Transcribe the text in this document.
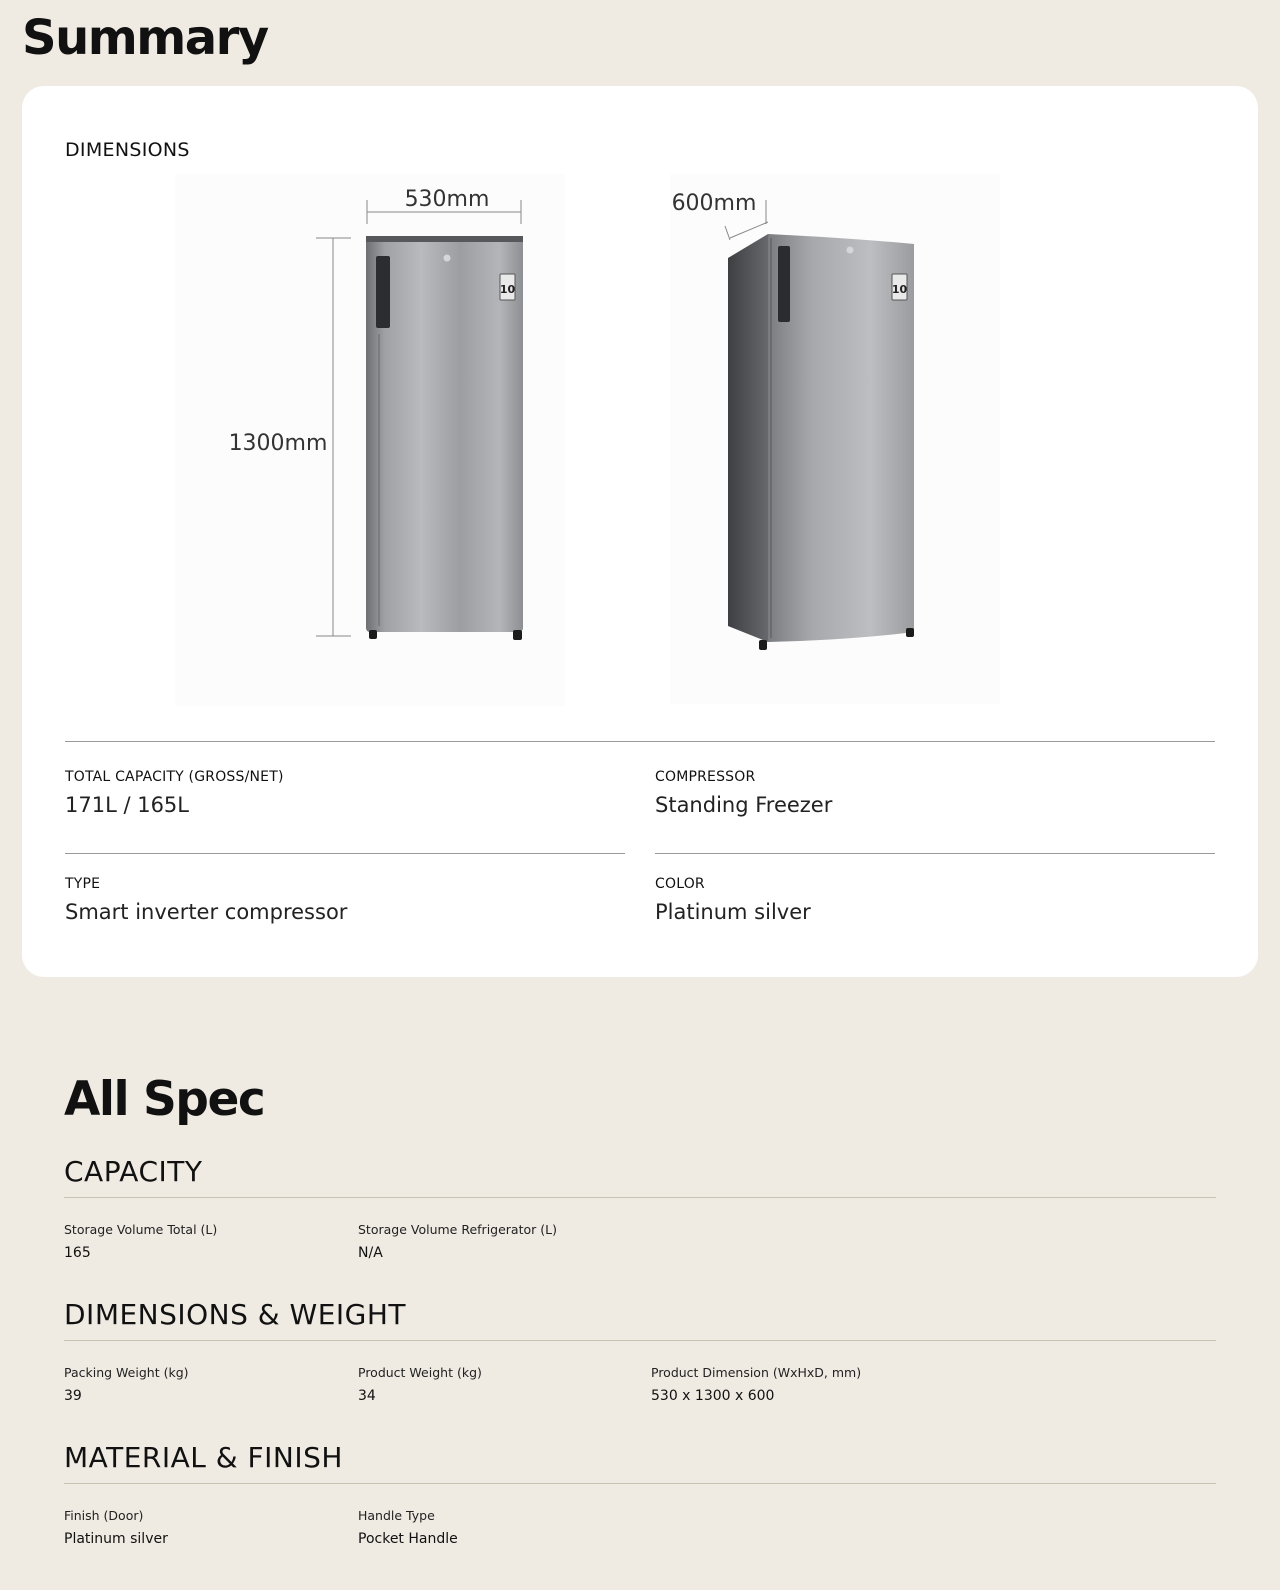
Summary
DIMENSIONS
530mm
1300mm
10
600mm
10
TOTAL CAPACITY (GROSS/NET)
171L / 165L
COMPRESSOR
Standing Freezer
TYPE
Smart inverter compressor
COLOR
Platinum silver
All Spec
CAPACITY
Storage Volume Total (L)
165
Storage Volume Refrigerator (L)
N/A
DIMENSIONS & WEIGHT
Packing Weight (kg)
39
Product Weight (kg)
34
Product Dimension (WxHxD, mm)
530 x 1300 x 600
MATERIAL & FINISH
Finish (Door)
Platinum silver
Handle Type
Pocket Handle
